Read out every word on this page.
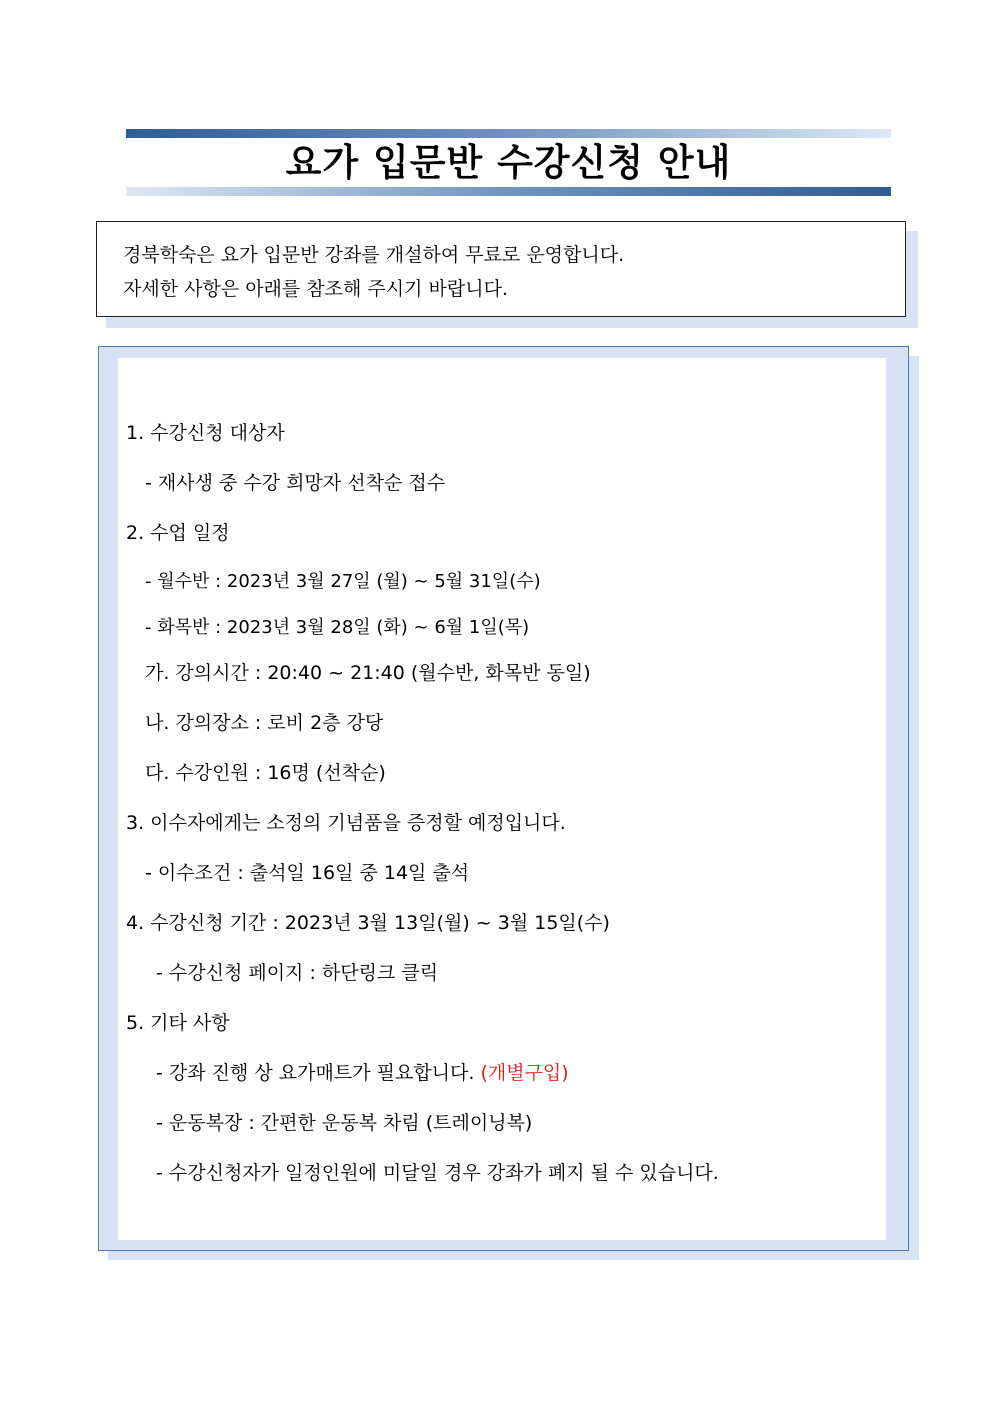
요가 입문반 수강신청 안내
경북학숙은 요가 입문반 강좌를 개설하여 무료로 운영합니다.
자세한 사항은 아래를 참조해 주시기 바랍니다.
1. 수강신청 대상자
- 재사생 중 수강 희망자 선착순 접수
2. 수업 일정
- 월수반 : 2023년 3월 27일 (월) ~ 5월 31일(수)
- 화목반 : 2023년 3월 28일 (화) ~ 6월 1일(목)
가. 강의시간 : 20:40 ~ 21:40 (월수반, 화목반 동일)
나. 강의장소 : 로비 2층 강당
다. 수강인원 : 16명 (선착순)
3. 이수자에게는 소정의 기념품을 증정할 예정입니다.
- 이수조건 : 출석일 16일 중 14일 출석
4. 수강신청 기간 : 2023년 3월 13일(월) ~ 3월 15일(수)
- 수강신청 페이지 : 하단링크 클릭
5. 기타 사항
- 강좌 진행 상 요가매트가 필요합니다. (개별구입)
- 운동복장 : 간편한 운동복 차림 (트레이닝복)
- 수강신청자가 일정인원에 미달일 경우 강좌가 폐지 될 수 있습니다.
